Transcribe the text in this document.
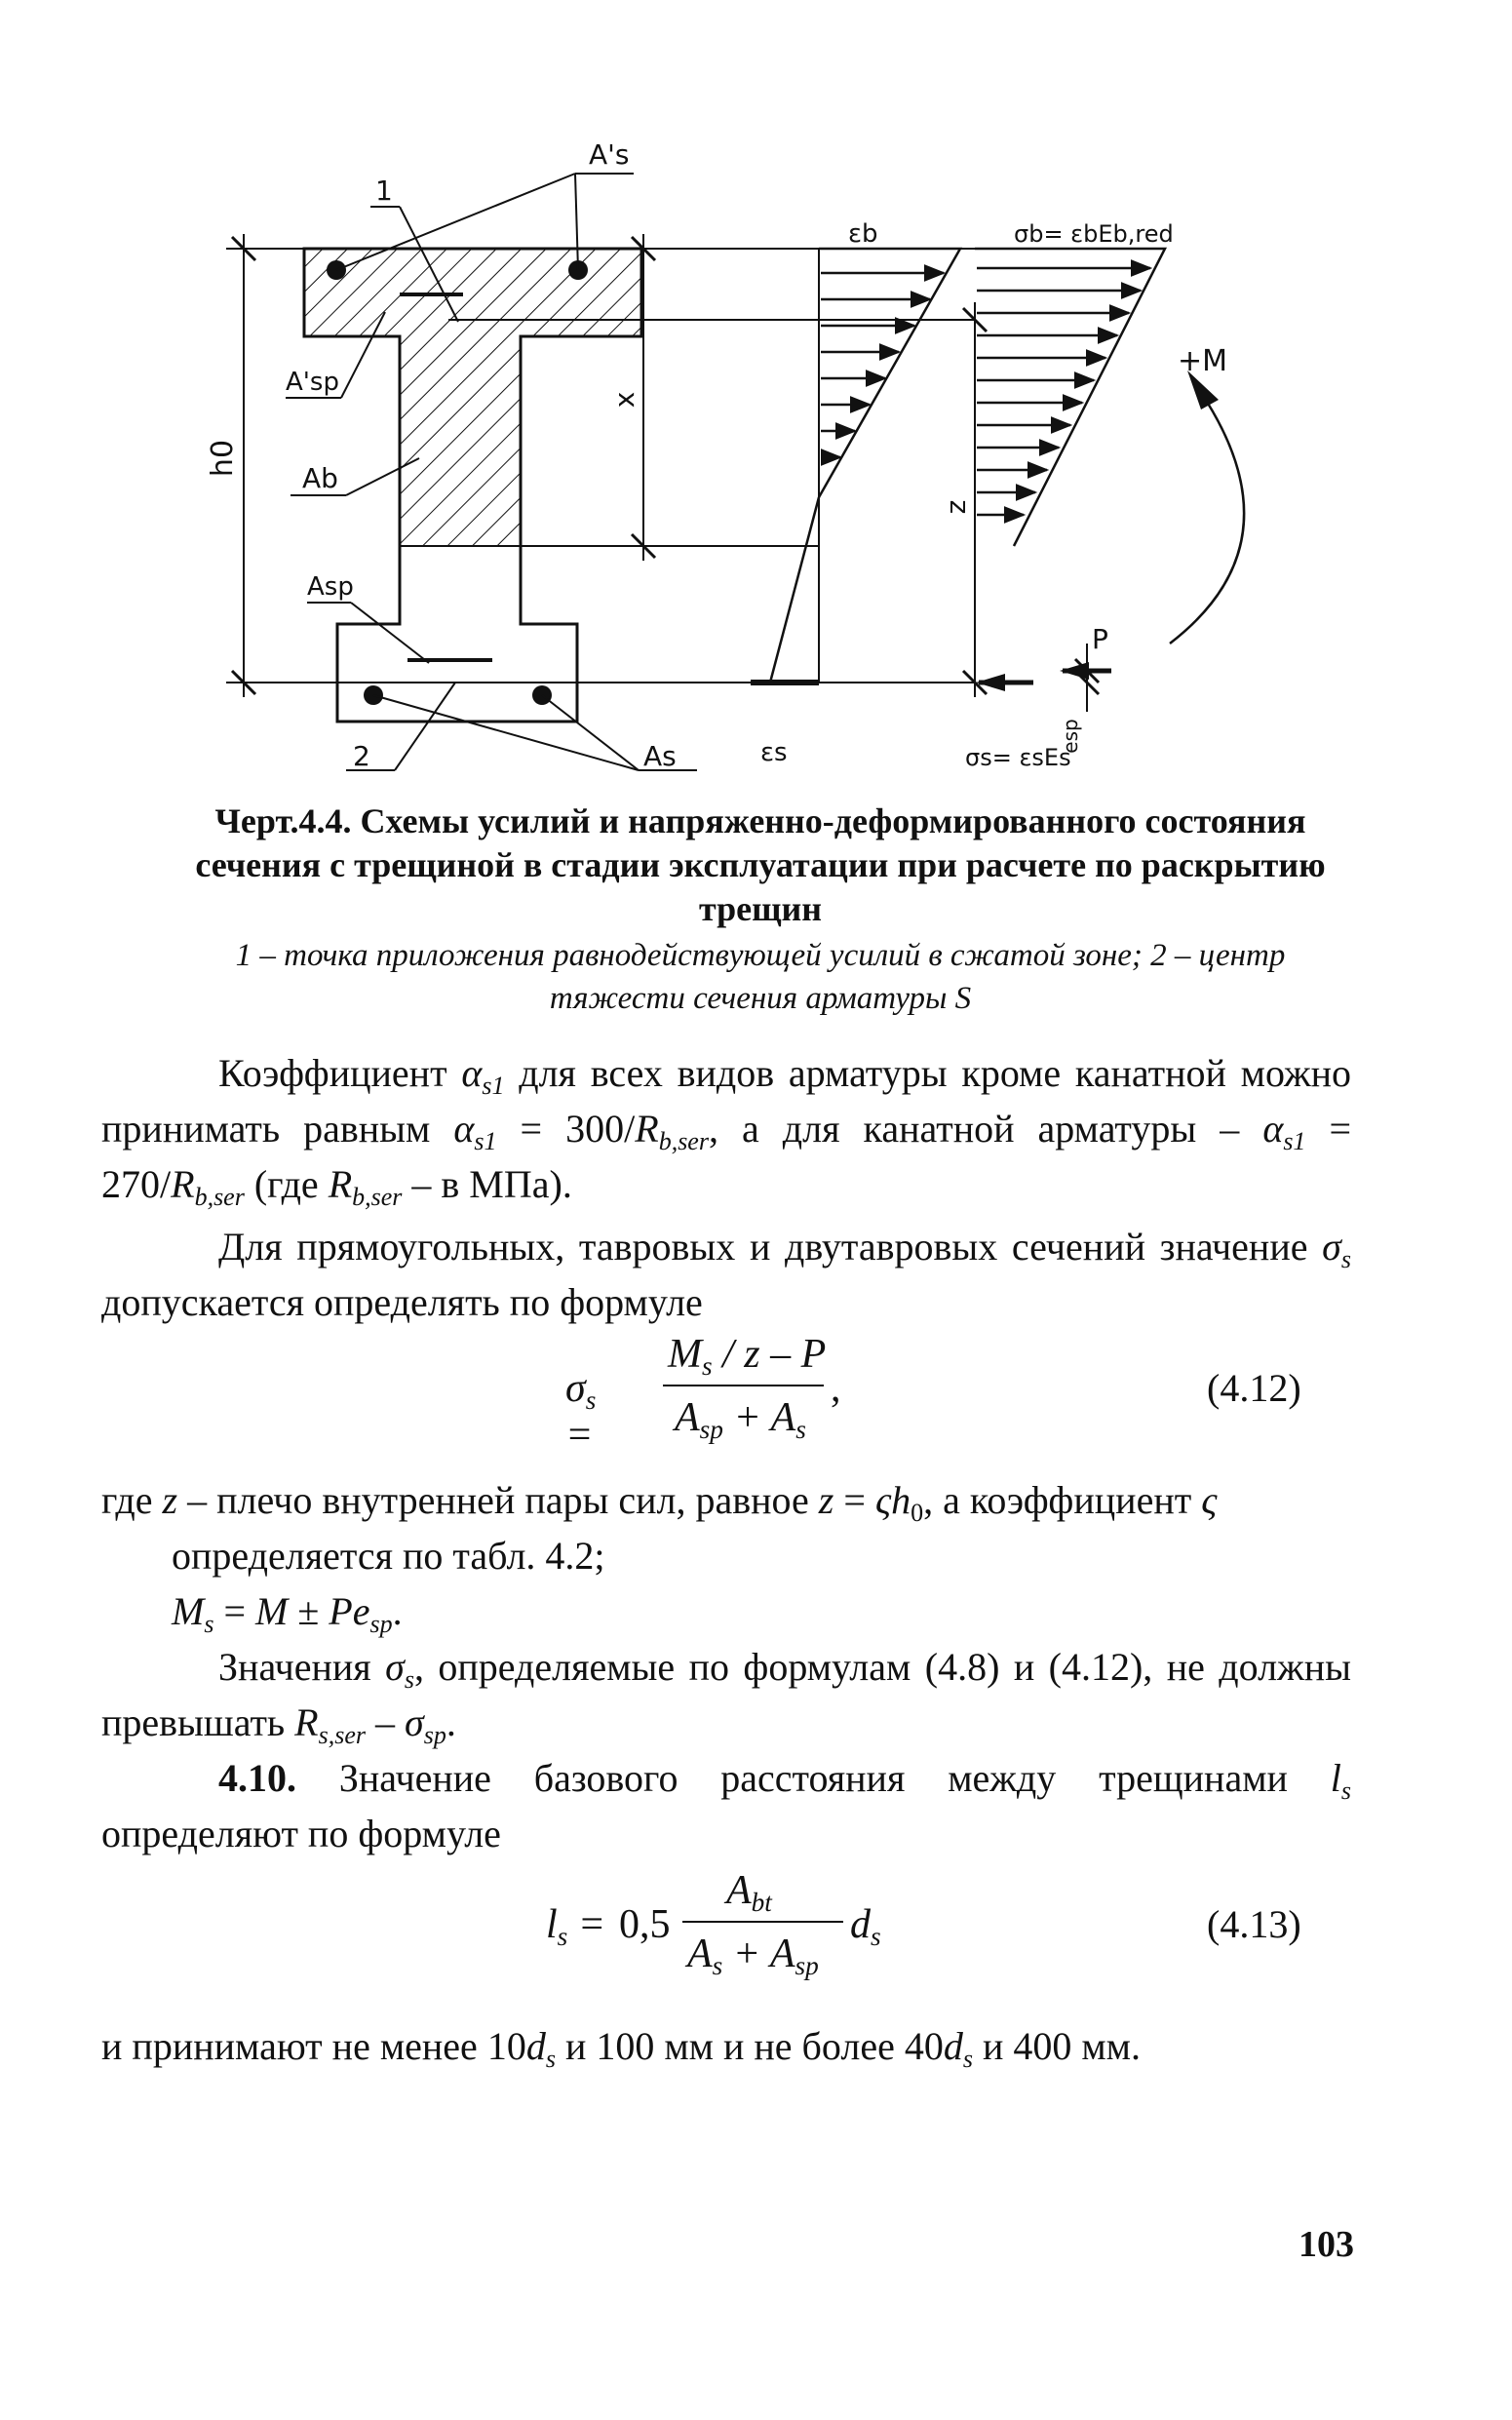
1
2
A's
A'sp
Ab
Asp
As
h0
x
z
εb	σb= εbEb,red
εs	σs= εsEs
+M
P
esp
Черт.4.4. Схемы усилий и напряженно-деформированного состояния
сечения с трещиной в стадии эксплуатации при расчете по раскрытию
трещин
1 – точка приложения равнодействующей усилий в сжатой зоне; 2 – центр
тяжести сечения арматуры S
Коэффициент $\alpha_{s1}$ для всех видов арматуры кроме канатной можно принимать равным $\alpha_{s1} = 300/R_{b,ser}$, а для канатной арматуры – $\alpha_{s1} = 270/R_{b,ser}$ (где $R_{b,ser}$ – в МПа).
Для прямоугольных, тавровых и двутавровых сечений значение $\sigma_s$ допускается определять по формуле
$\sigma_s$ =
$M_s$ / z – P
$A_{sp} + A_s$
,	(4.12)
где z – плечо внутренней пары сил, равное $z = \varsigma h_0$, а коэффициент ς
определяется по табл. 4.2;
$M_s = M \pm Pe_{sp}$.
Значения $\sigma_s$, определяемые по формулам (4.8) и (4.12), не должны превышать $R_{s,ser} - \sigma_{sp}$.
4.10. Значение базового расстояния между трещинами $l_s$ определяют по формуле
$l_s = 0,5$
$A_{bt}$
$A_s + A_{sp}$
$d_s$	(4.13)
и принимают не менее $10d_s$ и 100 мм и не более $40d_s$ и 400 мм.
103
